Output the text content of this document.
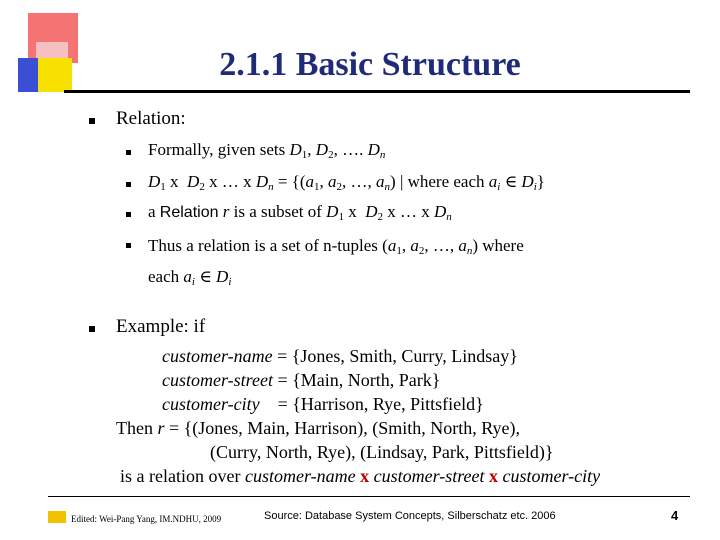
2.1.1 Basic Structure
Relation:
Formally, given sets $D_1$, $D_2$, …. $D_n$
$D_1$ x  $D_2$ x … x $D_n = \{(a_1$, $a_2$, …, $a_n$) | where each $a_i$ ∈ $D_i$}
a Relation r is a subset of $D_1$ x  $D_2$ x … x $D_n$
Thus a relation is a set of n-tuples ($a_1$, $a_2$, …, $a_n$) where
each $a_i$ ∈ $D_i$
Example: if
customer-name = {Jones, Smith, Curry, Lindsay}
customer-street = {Main, North, Park}
customer-city = {Harrison, Rye, Pittsfield}
Then r = {(Jones, Main, Harrison), (Smith, North, Rye),
(Curry, North, Rye), (Lindsay, Park, Pittsfield)}
is a relation over customer-name x customer-street x customer-city
Edited: Wei-Pang Yang, IM.NDHU, 2009	Source: Database System Concepts, Silberschatz etc. 2006	4
